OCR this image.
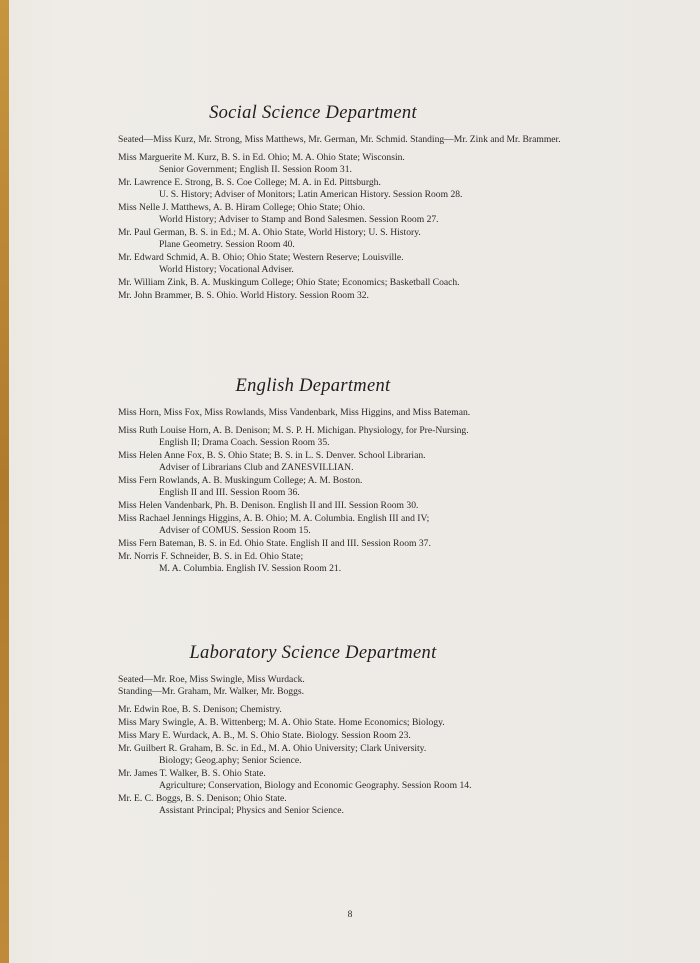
Social Science Department
Seated—Miss Kurz, Mr. Strong, Miss Matthews, Mr. German, Mr. Schmid. Standing—Mr. Zink and Mr. Brammer.
Miss Marguerite M. Kurz, B. S. in Ed. Ohio; M. A. Ohio State; Wisconsin.
Senior Government; English II. Session Room 31.
Mr. Lawrence E. Strong, B. S. Coe College; M. A. in Ed. Pittsburgh.
U. S. History; Adviser of Monitors; Latin American History. Session Room 28.
Miss Nelle J. Matthews, A. B. Hiram College; Ohio State; Ohio.
World History; Adviser to Stamp and Bond Salesmen. Session Room 27.
Mr. Paul German, B. S. in Ed.; M. A. Ohio State, World History; U. S. History.
Plane Geometry. Session Room 40.
Mr. Edward Schmid, A. B. Ohio; Ohio State; Western Reserve; Louisville.
World History; Vocational Adviser.
Mr. William Zink, B. A. Muskingum College; Ohio State; Economics; Basketball Coach.
Mr. John Brammer, B. S. Ohio. World History. Session Room 32.
English Department
Miss Horn, Miss Fox, Miss Rowlands, Miss Vandenbark, Miss Higgins, and Miss Bateman.
Miss Ruth Louise Horn, A. B. Denison; M. S. P. H. Michigan. Physiology, for Pre-Nursing.
English II; Drama Coach. Session Room 35.
Miss Helen Anne Fox, B. S. Ohio State; B. S. in L. S. Denver. School Librarian.
Adviser of Librarians Club and ZANESVILLIAN.
Miss Fern Rowlands, A. B. Muskingum College; A. M. Boston.
English II and III. Session Room 36.
Miss Helen Vandenbark, Ph. B. Denison. English II and III. Session Room 30.
Miss Rachael Jennings Higgins, A. B. Ohio; M. A. Columbia. English III and IV;
Adviser of COMUS. Session Room 15.
Miss Fern Bateman, B. S. in Ed. Ohio State. English II and III. Session Room 37.
Mr. Norris F. Schneider, B. S. in Ed. Ohio State;
M. A. Columbia. English IV. Session Room 21.
Laboratory Science Department
Seated—Mr. Roe, Miss Swingle, Miss Wurdack.
Standing—Mr. Graham, Mr. Walker, Mr. Boggs.
Mr. Edwin Roe, B. S. Denison; Chemistry.
Miss Mary Swingle, A. B. Wittenberg; M. A. Ohio State. Home Economics; Biology.
Miss Mary E. Wurdack, A. B., M. S. Ohio State. Biology. Session Room 23.
Mr. Guilbert R. Graham, B. Sc. in Ed., M. A. Ohio University; Clark University.
Biology; Geog.aphy; Senior Science.
Mr. James T. Walker, B. S. Ohio State.
Agriculture; Conservation, Biology and Economic Geography. Session Room 14.
Mr. E. C. Boggs, B. S. Denison; Ohio State.
Assistant Principal; Physics and Senior Science.
8
